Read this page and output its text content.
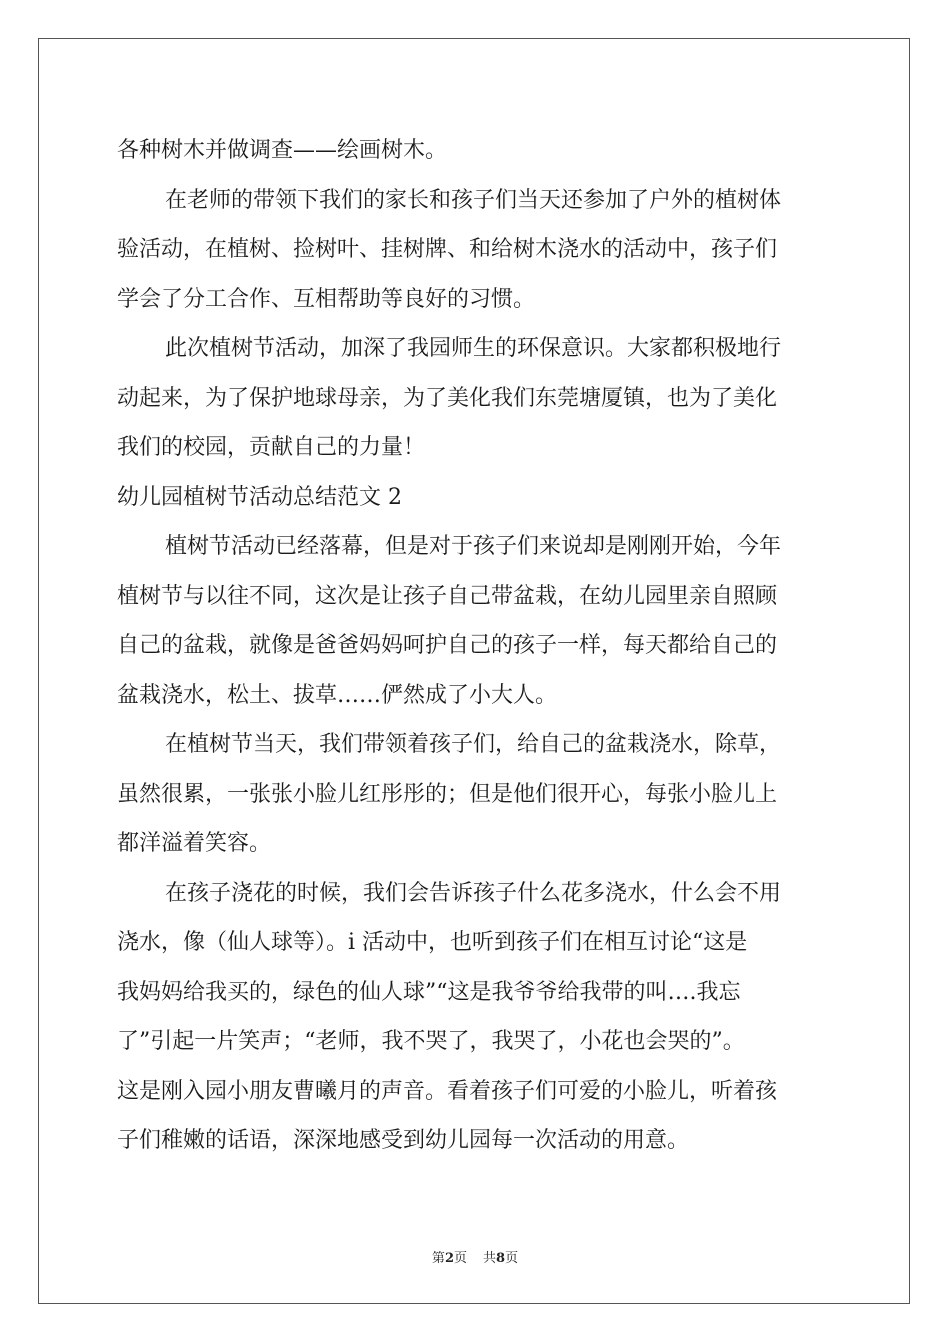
各种树木并做调查——绘画树木。
在老师的带领下我们的家长和孩子们当天还参加了户外的植树体
验活动，在植树、捡树叶、挂树牌、和给树木浇水的活动中，孩子们
学会了分工合作、互相帮助等良好的习惯。
此次植树节活动，加深了我园师生的环保意识。大家都积极地行
动起来，为了保护地球母亲，为了美化我们东莞塘厦镇，也为了美化
我们的校园，贡献自己的力量！
幼儿园植树节活动总结范文 2
植树节活动已经落幕，但是对于孩子们来说却是刚刚开始，今年
植树节与以往不同，这次是让孩子自己带盆栽，在幼儿园里亲自照顾
自己的盆栽，就像是爸爸妈妈呵护自己的孩子一样，每天都给自己的
盆栽浇水，松土、拔草……俨然成了小大人。
在植树节当天，我们带领着孩子们，给自己的盆栽浇水，除草，
虽然很累，一张张小脸儿红彤彤的；但是他们很开心，每张小脸儿上
都洋溢着笑容。
在孩子浇花的时候，我们会告诉孩子什么花多浇水，什么会不用
浇水，像（仙人球等）。i 活动中，也听到孩子们在相互讨论“这是
我妈妈给我买的，绿色的仙人球”“这是我爷爷给我带的叫….我忘
了”引起一片笑声；“老师，我不哭了，我哭了，小花也会哭的”。
这是刚入园小朋友曹曦月的声音。看着孩子们可爱的小脸儿，听着孩
子们稚嫩的话语，深深地感受到幼儿园每一次活动的用意。
第2页 共8页
